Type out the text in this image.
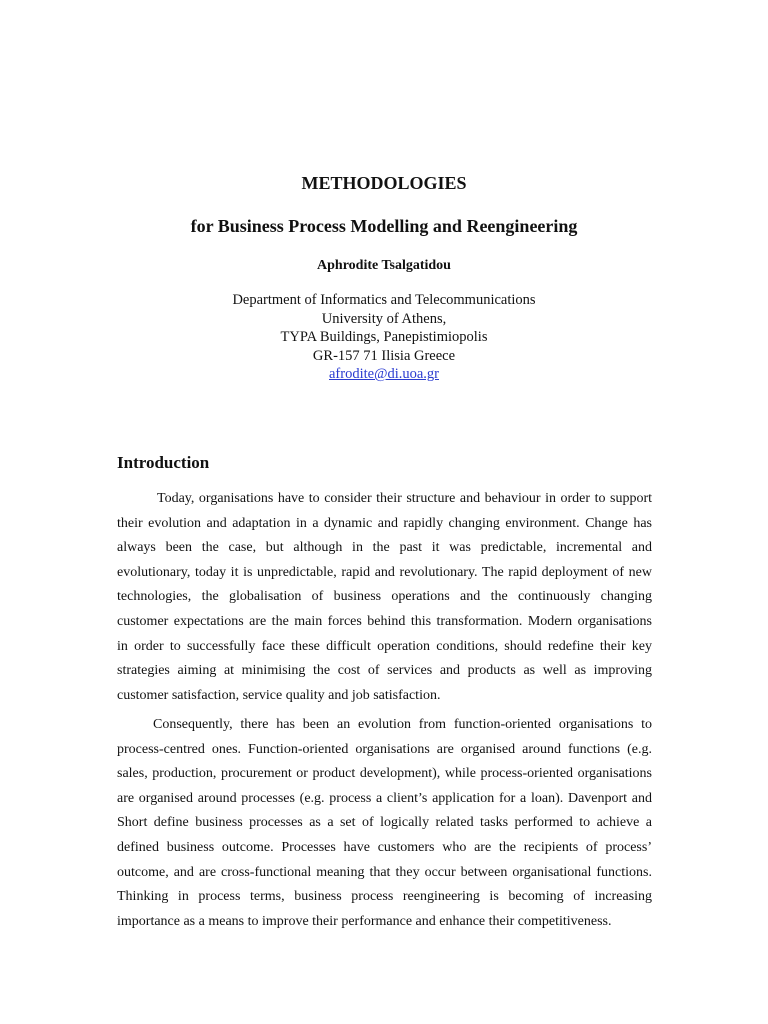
METHODOLOGIES
for Business Process Modelling and Reengineering
Aphrodite Tsalgatidou
Department of Informatics and Telecommunications
University of Athens,
TYPA Buildings, Panepistimiopolis
GR-157 71 Ilisia Greece
afrodite@di.uoa.gr
Introduction
Today, organisations have to consider their structure and behaviour in order to support
their evolution and adaptation in a dynamic and rapidly changing environment. Change has
always been the case, but although in the past it was predictable, incremental and
evolutionary, today it is unpredictable, rapid and revolutionary. The rapid deployment of new
technologies, the globalisation of business operations and the continuously changing
customer expectations are the main forces behind this transformation. Modern organisations
in order to successfully face these difficult operation conditions, should redefine their key
strategies aiming at minimising the cost of services and products as well as improving
customer satisfaction, service quality and job satisfaction.
Consequently, there has been an evolution from function-oriented organisations to
process-centred ones. Function-oriented organisations are organised around functions (e.g.
sales, production, procurement or product development), while process-oriented organisations
are organised around processes (e.g. process a client’s application for a loan). Davenport and
Short define business processes as a set of logically related tasks performed to achieve a
defined business outcome. Processes have customers who are the recipients of process’
outcome, and are cross-functional meaning that they occur between organisational functions.
Thinking in process terms, business process reengineering is becoming of increasing
importance as a means to improve their performance and enhance their competitiveness.
